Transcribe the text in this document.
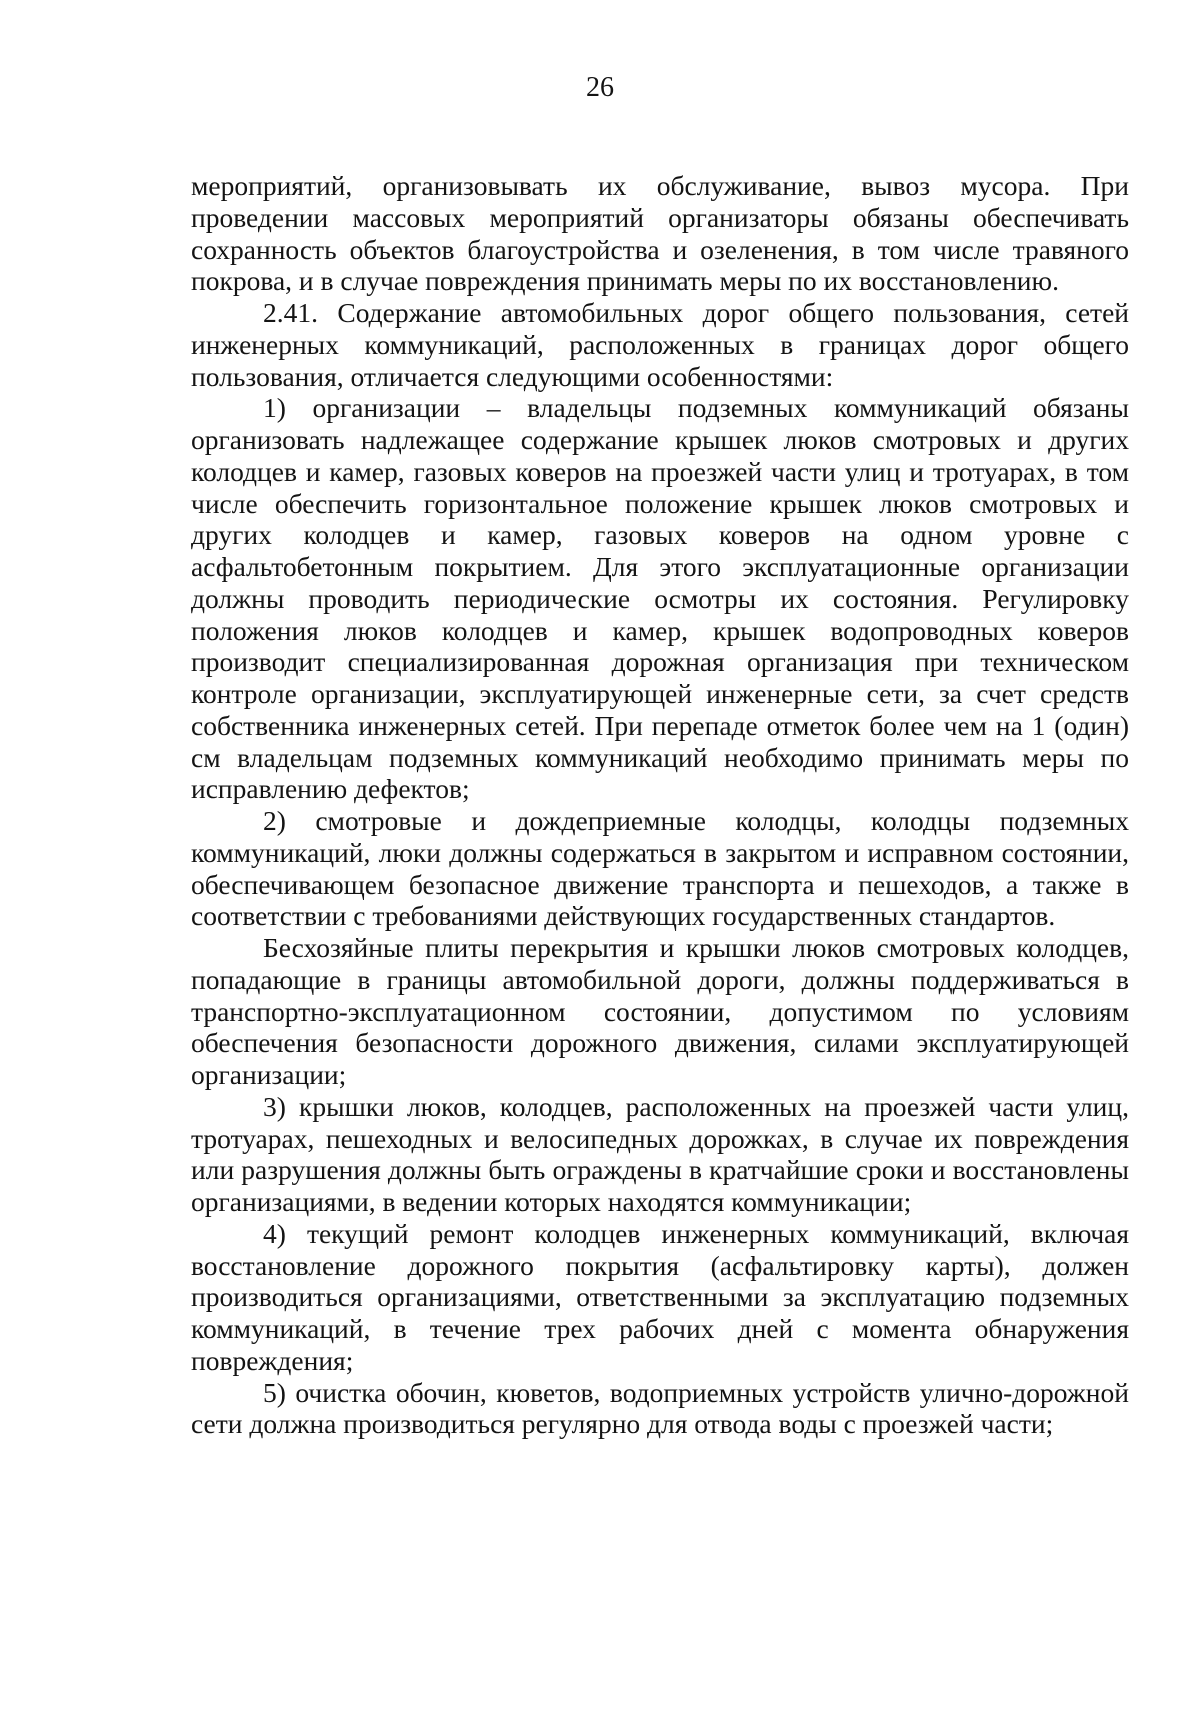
26

мероприятий, организовывать их обслуживание, вывоз мусора. При проведении массовых мероприятий организаторы обязаны обеспечивать сохранность объектов благоустройства и озеленения, в том числе травяного покрова, и в случае повреждения принимать меры по их восстановлению.

2.41. Содержание автомобильных дорог общего пользования, сетей инженерных коммуникаций, расположенных в границах дорог общего пользования, отличается следующими особенностями:

1) организации – владельцы подземных коммуникаций обязаны организовать надлежащее содержание крышек люков смотровых и других колодцев и камер, газовых коверов на проезжей части улиц и тротуарах, в том числе обеспечить горизонтальное положение крышек люков смотровых и других колодцев и камер, газовых коверов на одном уровне с асфальтобетонным покрытием. Для этого эксплуатационные организации должны проводить периодические осмотры их состояния. Регулировку положения люков колодцев и камер, крышек водопроводных коверов производит специализированная дорожная организация при техническом контроле организации, эксплуатирующей инженерные сети, за счет средств собственника инженерных сетей. При перепаде отметок более чем на 1 (один) см владельцам подземных коммуникаций необходимо принимать меры по исправлению дефектов;

2) смотровые и дождеприемные колодцы, колодцы подземных коммуникаций, люки должны содержаться в закрытом и исправном состоянии, обеспечивающем безопасное движение транспорта и пешеходов, а также в соответствии с требованиями действующих государственных стандартов.

Бесхозяйные плиты перекрытия и крышки люков смотровых колодцев, попадающие в границы автомобильной дороги, должны поддерживаться в транспортно-эксплуатационном состоянии, допустимом по условиям обеспечения безопасности дорожного движения, силами эксплуатирующей организации;

3) крышки люков, колодцев, расположенных на проезжей части улиц, тротуарах, пешеходных и велосипедных дорожках, в случае их повреждения или разрушения должны быть ограждены в кратчайшие сроки и восстановлены организациями, в ведении которых находятся коммуникации;

4) текущий ремонт колодцев инженерных коммуникаций, включая восстановление дорожного покрытия (асфальтировку карты), должен производиться организациями, ответственными за эксплуатацию подземных коммуникаций, в течение трех рабочих дней с момента обнаружения повреждения;

5) очистка обочин, кюветов, водоприемных устройств улично-дорожной сети должна производиться регулярно для отвода воды с проезжей части;
